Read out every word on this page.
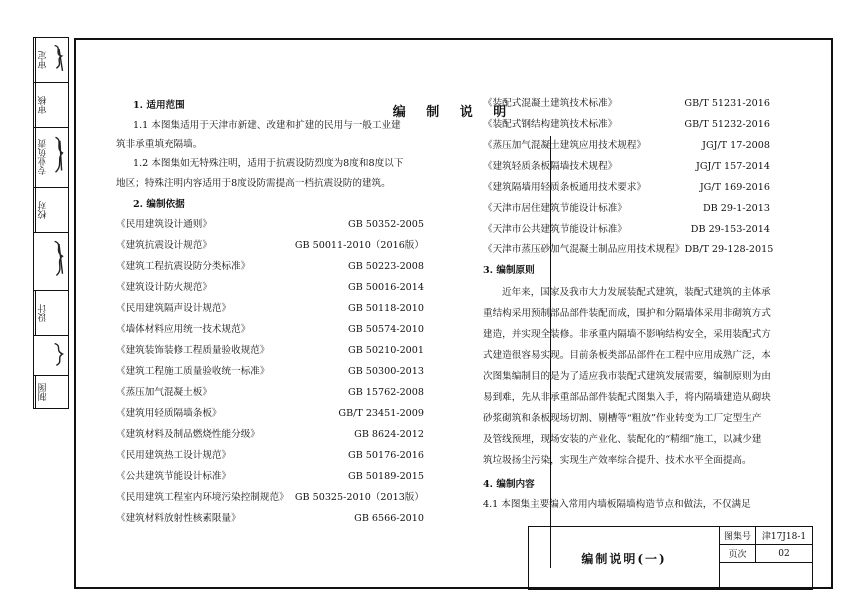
审定
审核
专业负责
校对
设计
制图
编 制 说 明
1. 适用范围
1.1 本图集适用于天津市新建、改建和扩建的民用与一般工业建
筑非承重填充隔墙。
1.2 本图集如无特殊注明，适用于抗震设防烈度为8度和8度以下
地区；特殊注明内容适用于8度设防需提高一档抗震设防的建筑。
2. 编制依据
《民用建筑设计通则》	GB 50352-2005
《建筑抗震设计规范》	GB 50011-2010（2016版）
《建筑工程抗震设防分类标准》	GB 50223-2008
《建筑设计防火规范》	GB 50016-2014
《民用建筑隔声设计规范》	GB 50118-2010
《墙体材料应用统一技术规范》	GB 50574-2010
《建筑装饰装修工程质量验收规范》	GB 50210-2001
《建筑工程施工质量验收统一标准》	GB 50300-2013
《蒸压加气混凝土板》	GB 15762-2008
《建筑用轻质隔墙条板》	GB/T 23451-2009
《建筑材料及制品燃烧性能分级》	GB 8624-2012
《民用建筑热工设计规范》	GB 50176-2016
《公共建筑节能设计标准》	GB 50189-2015
《民用建筑工程室内环境污染控制规范》 GB 50325-2010（2013版）
《建筑材料放射性核素限量》	GB 6566-2010
《装配式混凝土建筑技术标准》	GB/T 51231-2016
《装配式钢结构建筑技术标准》	GB/T 51232-2016
《蒸压加气混凝土建筑应用技术规程》	JGJ/T 17-2008
《建筑轻质条板隔墙技术规程》	JGJ/T 157-2014
《建筑隔墙用轻质条板通用技术要求》	JG/T 169-2016
《天津市居住建筑节能设计标准》	DB 29-1-2013
《天津市公共建筑节能设计标准》	DB 29-153-2014
《天津市蒸压砂加气混凝土制品应用技术规程》 DB/T 29-128-2015
3. 编制原则
近年来，国家及我市大力发展装配式建筑，装配式建筑的主体承
重结构采用预制部品部件装配而成，围护和分隔墙体采用非砌筑方式
建造，并实现全装修。非承重内隔墙不影响结构安全，采用装配式方
式建造很容易实现。目前条板类部品部件在工程中应用成熟广泛，本
次图集编制目的是为了适应我市装配式建筑发展需要，编制原则为由
易到难，先从非承重部品部件装配式图集入手，将内隔墙建造从砌块
砂浆砌筑和条板现场切割、剔槽等“粗放”作业转变为工厂定型生产
及管线预埋，现场安装的产业化、装配化的“精细”施工，以减少建
筑垃圾扬尘污染，实现生产效率综合提升、技术水平全面提高。
4. 编制内容
4.1 本图集主要编入常用内墙板隔墙构造节点和做法，不仅满足
编制说明(一)
图集号	津17J18-1
页次	02
